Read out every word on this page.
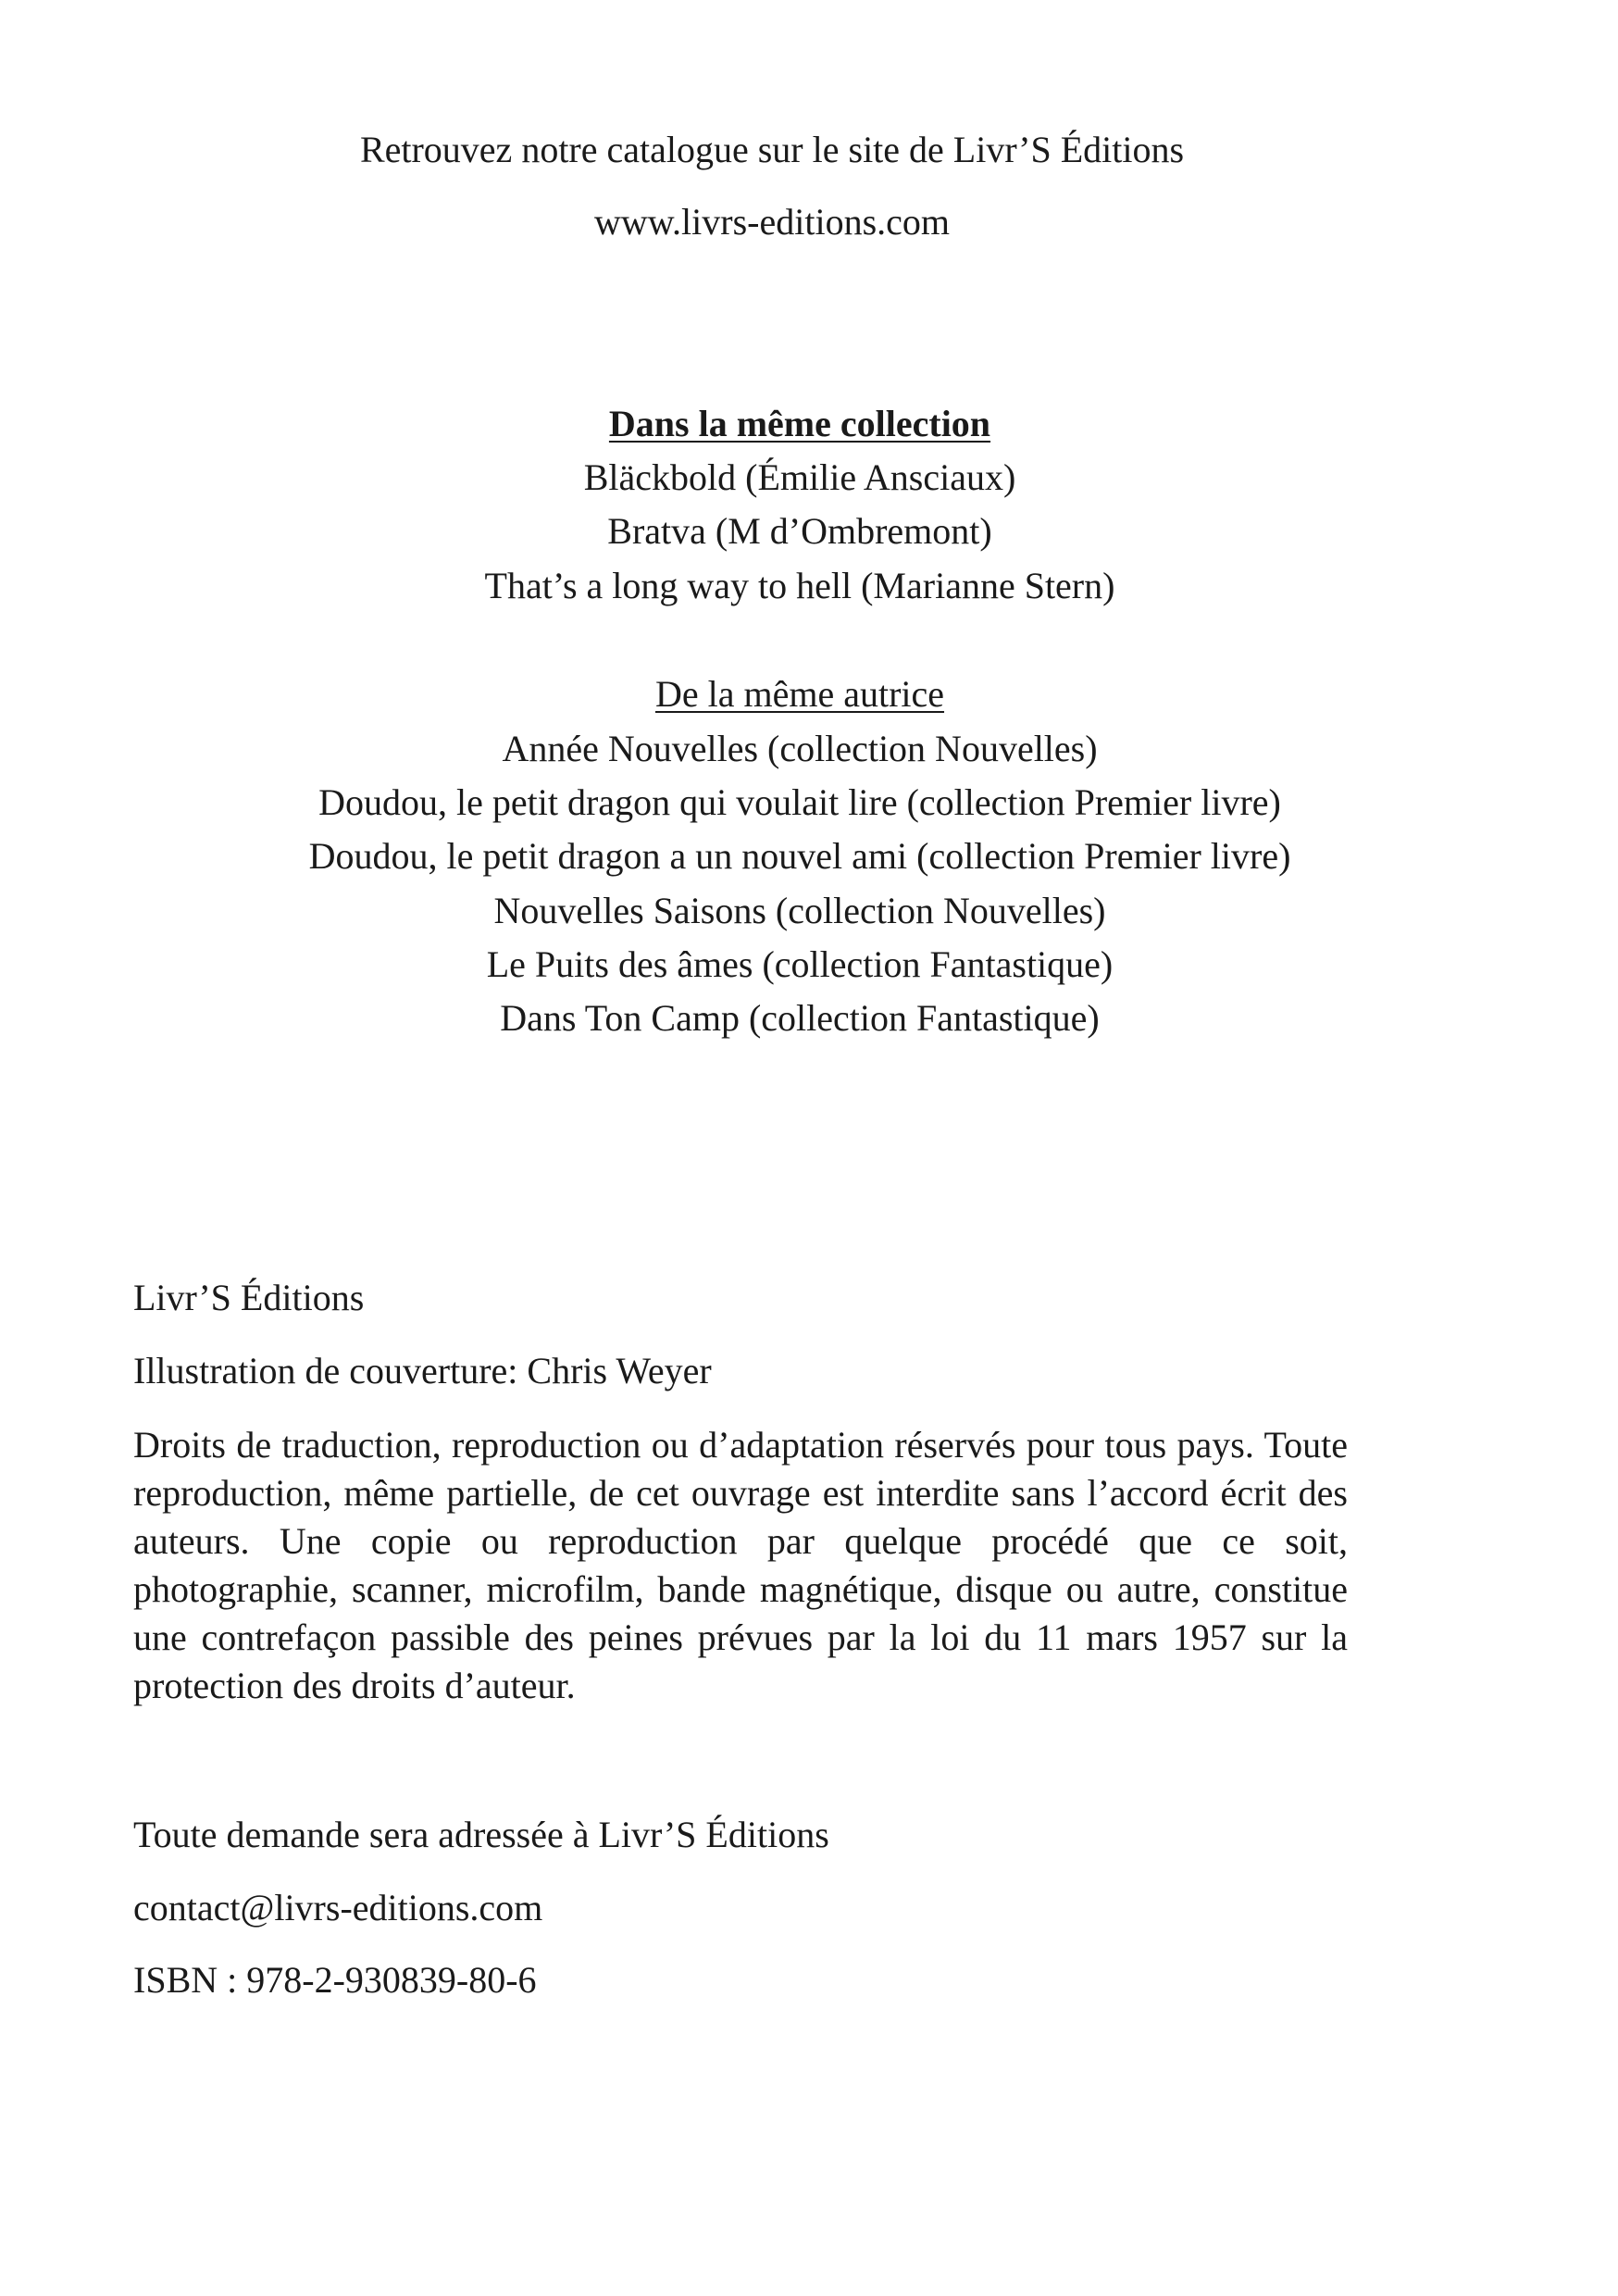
Retrouvez notre catalogue sur le site de Livr’S Éditions
www.livrs-editions.com
Dans la même collection
Bläckbold (Émilie Ansciaux)
Bratva (M d’Ombremont)
That’s a long way to hell (Marianne Stern)
De la même autrice
Année Nouvelles (collection Nouvelles)
Doudou, le petit dragon qui voulait lire (collection Premier livre)
Doudou, le petit dragon a un nouvel ami (collection Premier livre)
Nouvelles Saisons (collection Nouvelles)
Le Puits des âmes (collection Fantastique)
Dans Ton Camp (collection Fantastique)
Livr’S Éditions
Illustration de couverture: Chris Weyer
Droits de traduction, reproduction ou d’adaptation réservés pour tous pays. Toute reproduction, même partielle, de cet ouvrage est interdite sans l’accord écrit des auteurs. Une copie ou reproduction par quelque procédé que ce soit, photographie, scanner, microfilm, bande magnétique, disque ou autre, constitue une contrefaçon passible des peines prévues par la loi du 11 mars 1957 sur la protection des droits d’auteur.
Toute demande sera adressée à Livr’S Éditions
contact@livrs-editions.com
ISBN : 978-2-930839-80-6
